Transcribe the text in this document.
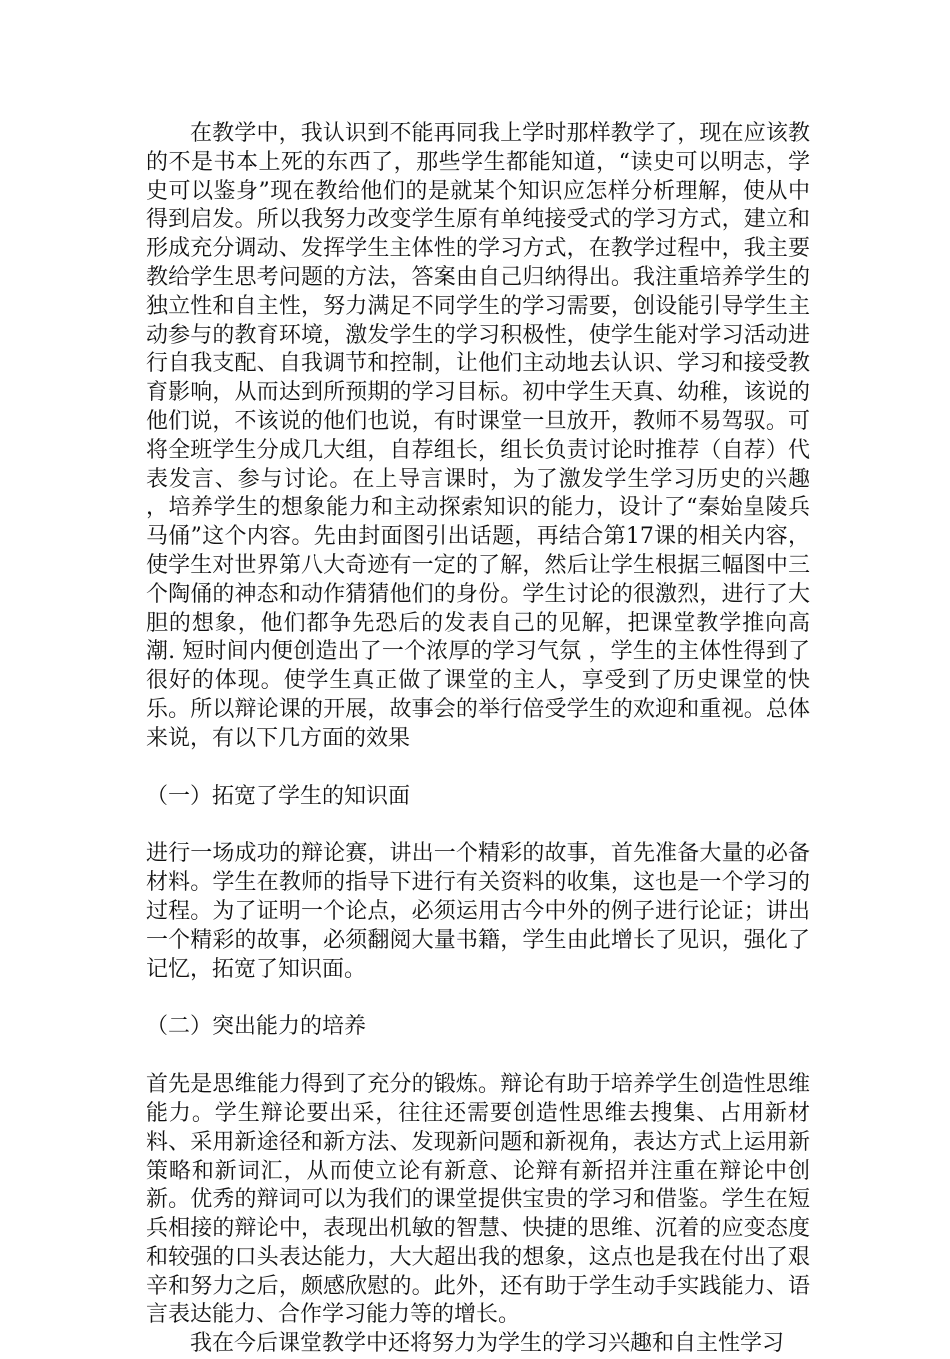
在教学中，我认识到不能再同我上学时那样教学了，现在应该教的不是书本上死的东西了，那些学生都能知道，“读史可以明志，学史可以鉴身”现在教给他们的是就某个知识应怎样分析理解，使从中得到启发。所以我努力改变学生原有单纯接受式的学习方式，建立和形成充分调动、发挥学生主体性的学习方式，在教学过程中，我主要教给学生思考问题的方法，答案由自己归纳得出。我注重培养学生的独立性和自主性，努力满足不同学生的学习需要，创设能引导学生主动参与的教育环境，激发学生的学习积极性，使学生能对学习活动进行自我支配、自我调节和控制，让他们主动地去认识、学习和接受教育影响，从而达到所预期的学习目标。初中学生天真、幼稚，该说的他们说，不该说的他们也说，有时课堂一旦放开，教师不易驾驭。可将全班学生分成几大组，自荐组长，组长负责讨论时推荐（自荐）代表发言、参与讨论。在上导言课时，为了激发学生学习历史的兴趣 ，培养学生的想象能力和主动探索知识的能力，设计了“秦始皇陵兵马俑”这个内容。先由封面图引出话题，再结合第17课的相关内容，使学生对世界第八大奇迹有一定的了解，然后让学生根据三幅图中三个陶俑的神态和动作猜猜他们的身份。学生讨论的很激烈，进行了大胆的想象，他们都争先恐后的发表自己的见解，把课堂教学推向高潮. 短时间内便创造出了一个浓厚的学习气氛 ，学生的主体性得到了很好的体现。使学生真正做了课堂的主人，享受到了历史课堂的快乐。所以辩论课的开展，故事会的举行倍受学生的欢迎和重视。总体来说，有以下几方面的效果

（一）拓宽了学生的知识面

进行一场成功的辩论赛，讲出一个精彩的故事，首先准备大量的必备材料。学生在教师的指导下进行有关资料的收集，这也是一个学习的过程。为了证明一个论点，必须运用古今中外的例子进行论证；讲出一个精彩的故事，必须翻阅大量书籍，学生由此增长了见识，强化了记忆，拓宽了知识面。

（二）突出能力的培养

首先是思维能力得到了充分的锻炼。辩论有助于培养学生创造性思维能力。学生辩论要出采，往往还需要创造性思维去搜集、占用新材料、采用新途径和新方法、发现新问题和新视角，表达方式上运用新策略和新词汇，从而使立论有新意、论辩有新招并注重在辩论中创新。优秀的辩词可以为我们的课堂提供宝贵的学习和借鉴。学生在短兵相接的辩论中，表现出机敏的智慧、快捷的思维、沉着的应变态度和较强的口头表达能力，大大超出我的想象，这点也是我在付出了艰辛和努力之后，颇感欣慰的。此外，还有助于学生动手实践能力、语言表达能力、合作学习能力等的增长。

我在今后课堂教学中还将努力为学生的学习兴趣和自主性学习
